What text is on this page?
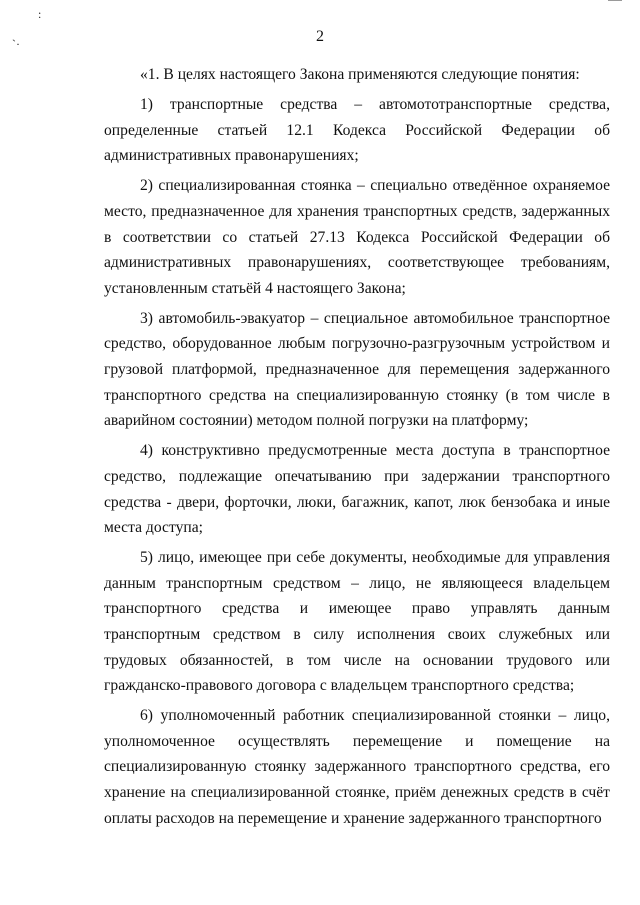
:
`·	2

«1. В целях настоящего Закона применяются следующие понятия:

1) транспортные средства – автомототранспортные средства, определенные статьей 12.1 Кодекса Российской Федерации об административных правонарушениях;

2) специализированная стоянка – специально отведённое охраняемое место, предназначенное для хранения транспортных средств, задержанных в соответствии со статьей 27.13 Кодекса Российской Федерации об административных правонарушениях, соответствующее требованиям, установленным статьёй 4 настоящего Закона;

3) автомобиль-эвакуатор – специальное автомобильное транспортное средство, оборудованное любым погрузочно-разгрузочным устройством и грузовой платформой, предназначенное для перемещения задержанного транспортного средства на специализированную стоянку (в том числе в аварийном состоянии) методом полной погрузки на платформу;

4) конструктивно предусмотренные места доступа в транспортное средство, подлежащие опечатыванию при задержании транспортного средства - двери, форточки, люки, багажник, капот, люк бензобака и иные места доступа;

5) лицо, имеющее при себе документы, необходимые для управления данным транспортным средством – лицо, не являющееся владельцем транспортного средства и имеющее право управлять данным транспортным средством в силу исполнения своих служебных или трудовых обязанностей, в том числе на основании трудового или гражданско-правового договора с владельцем транспортного средства;

6) уполномоченный работник специализированной стоянки – лицо, уполномоченное осуществлять перемещение и помещение на специализированную стоянку задержанного транспортного средства, его хранение на специализированной стоянке, приём денежных средств в счёт оплаты расходов на перемещение и хранение задержанного транспортного
